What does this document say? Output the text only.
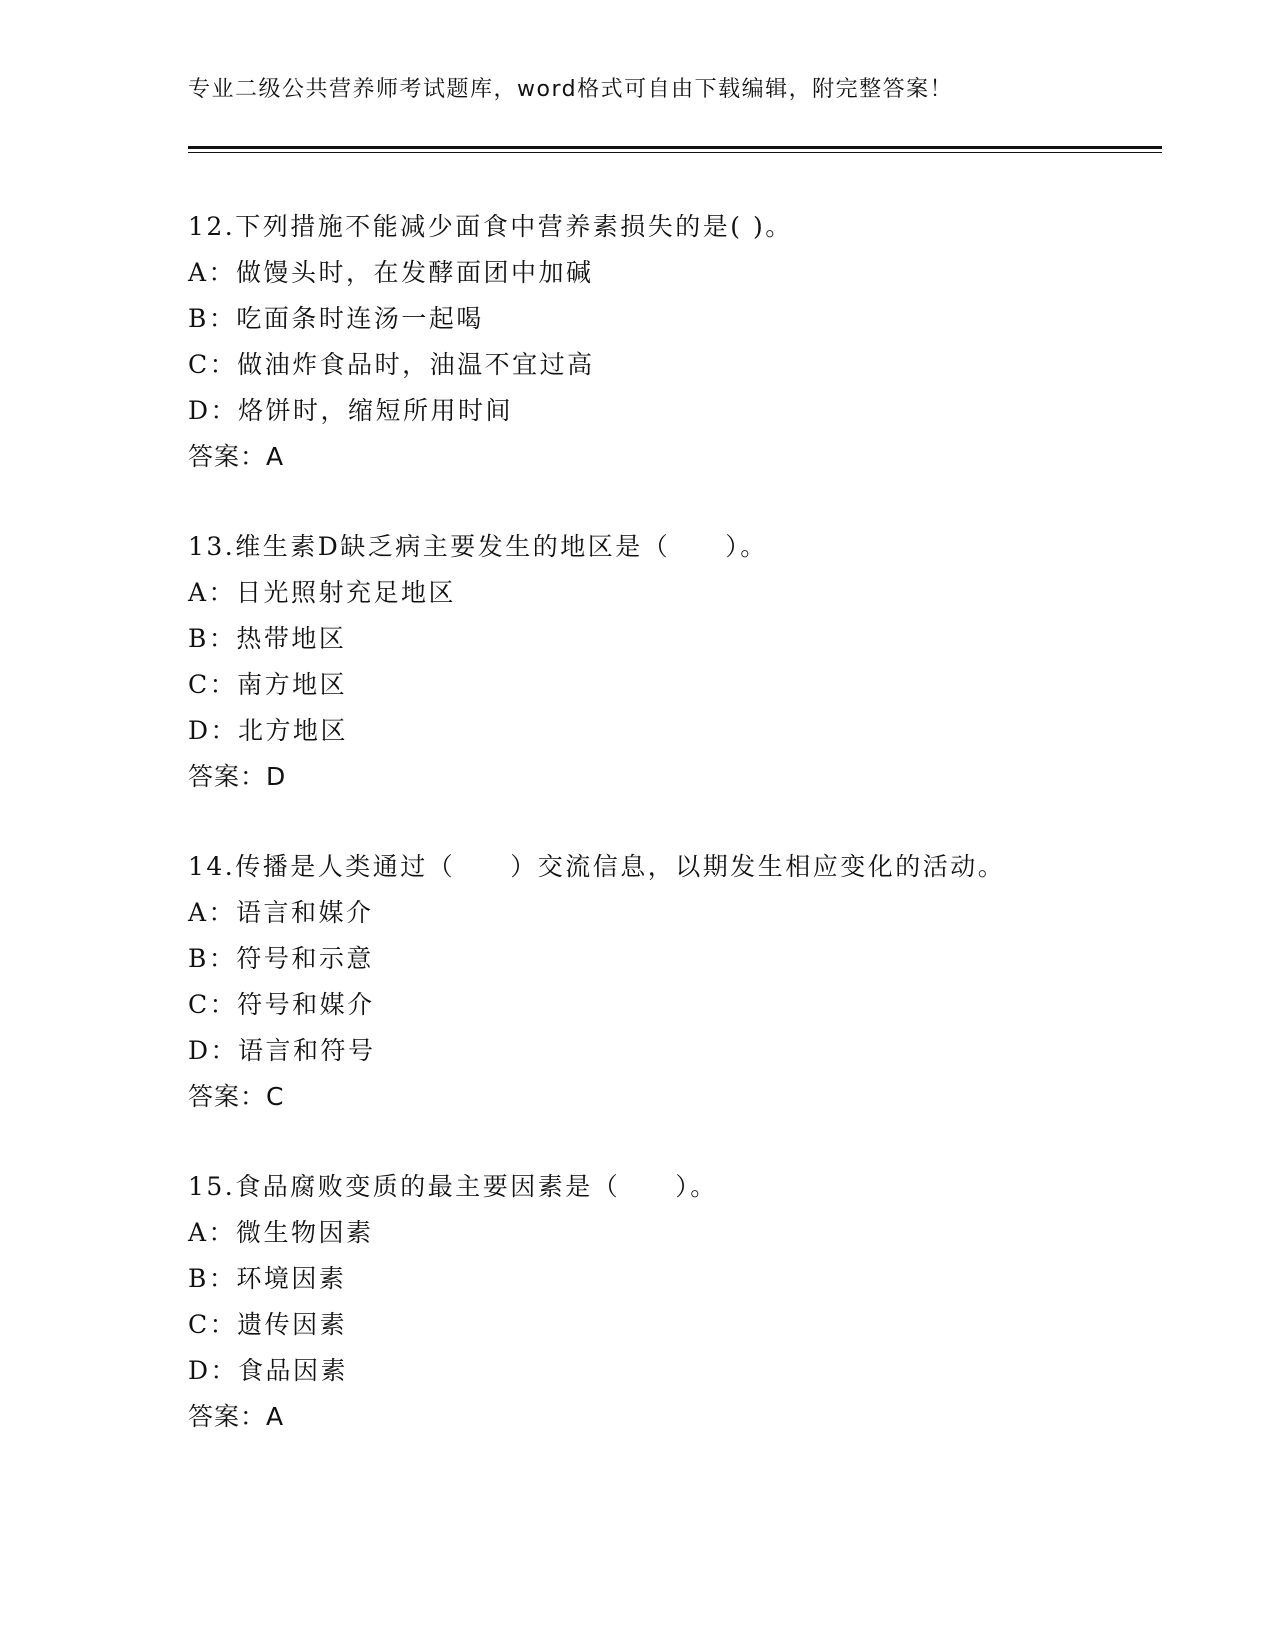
专业二级公共营养师考试题库，word格式可自由下载编辑，附完整答案！
12.下列措施不能减少面食中营养素损失的是( )。
A：做馒头时，在发酵面团中加碱
B：吃面条时连汤一起喝
C：做油炸食品时，油温不宜过高
D：烙饼时，缩短所用时间
答案：A
13.维生素D缺乏病主要发生的地区是（　　）。
A：日光照射充足地区
B：热带地区
C：南方地区
D：北方地区
答案：D
14.传播是人类通过（　　）交流信息，以期发生相应变化的活动。
A：语言和媒介
B：符号和示意
C：符号和媒介
D：语言和符号
答案：C
15.食品腐败变质的最主要因素是（　　）。
A：微生物因素
B：环境因素
C：遗传因素
D：食品因素
答案：A
